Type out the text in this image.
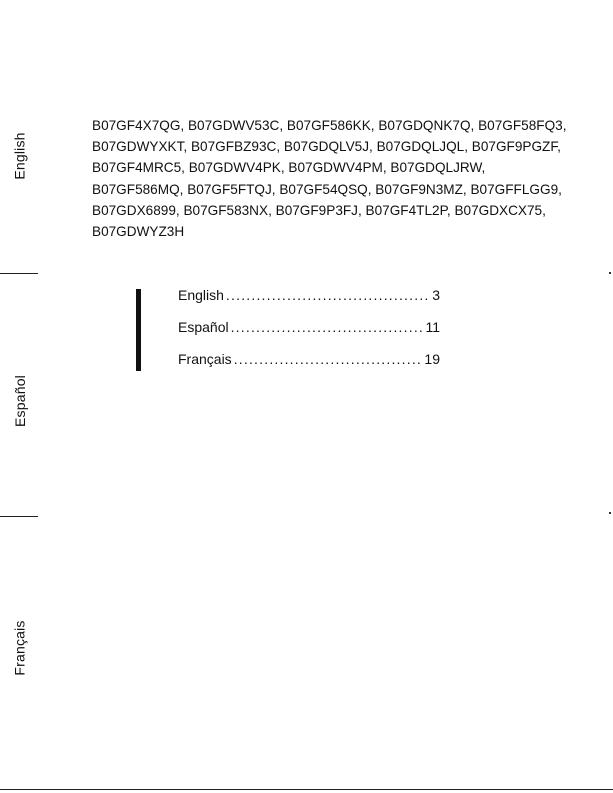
English
Español
Français

B07GF4X7QG, B07GDWV53C, B07GF586KK, B07GDQNK7Q, B07GF58FQ3, B07GDWYXKT, B07GFBZ93C, B07GDQLV5J, B07GDQLJQL, B07GF9PGZF, B07GF4MRC5, B07GDWV4PK, B07GDWV4PM, B07GDQLJRW, B07GF586MQ, B07GF5FTQJ, B07GF54QSQ, B07GF9N3MZ, B07GFFLGG9, B07GDX6899, B07GF583NX, B07GF9P3FJ, B07GF4TL2P, B07GDXCX75, B07GDWYZ3H

English .....	3
Español .....	11
Français .....	19
